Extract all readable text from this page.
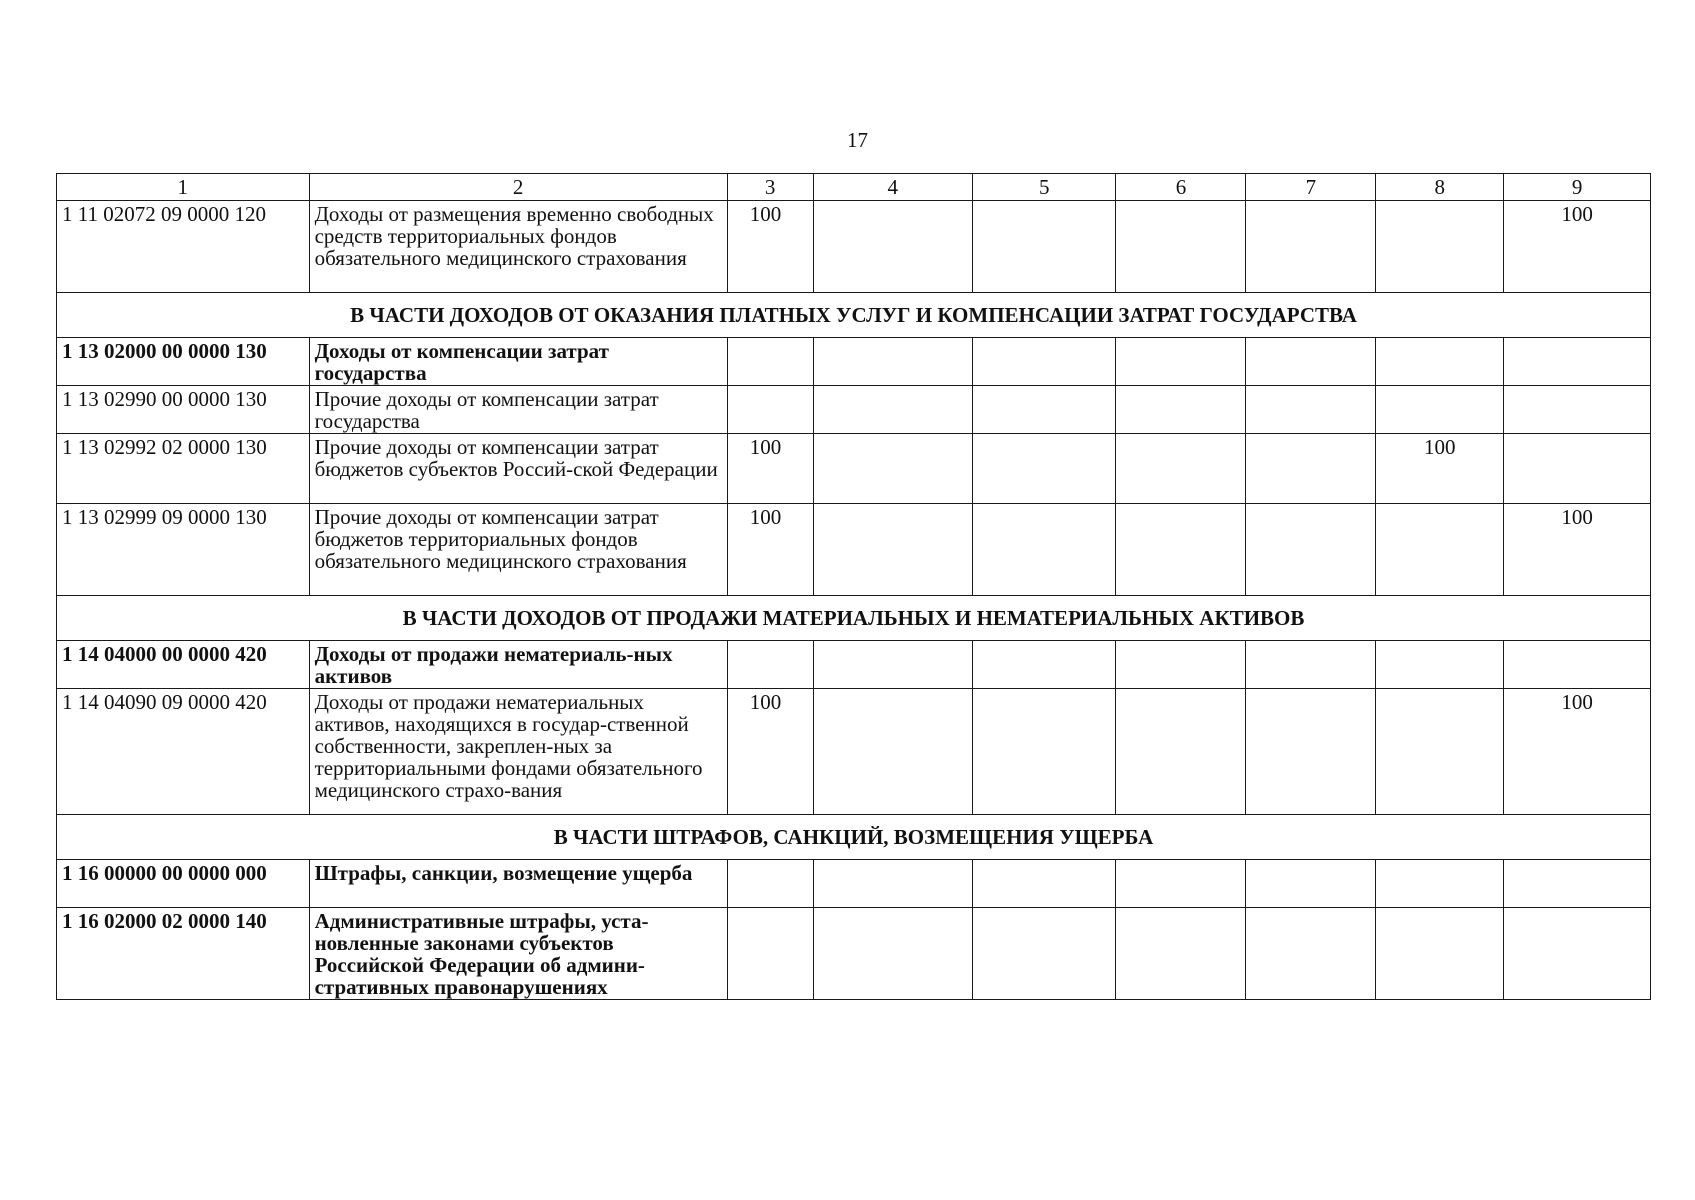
17
1	2	3	4	5	6	7	8	9
1 11 02072 09 0000 120	Доходы от размещения временно свободных средств территориальных фондов обязательного медицинского страхования	100						100
В ЧАСТИ ДОХОДОВ ОТ ОКАЗАНИЯ ПЛАТНЫХ УСЛУГ И КОМПЕНСАЦИИ ЗАТРАТ ГОСУДАРСТВА								
1 13 02000 00 0000 130	Доходы от компенсации затрат государства							
1 13 02990 00 0000 130	Прочие доходы от компенсации затрат государства							
1 13 02992 02 0000 130	Прочие доходы от компенсации затрат бюджетов субъектов Россий-ской Федерации	100					100	
1 13 02999 09 0000 130	Прочие доходы от компенсации затрат бюджетов территориальных фондов обязательного медицинского страхования	100						100
В ЧАСТИ ДОХОДОВ ОТ ПРОДАЖИ МАТЕРИАЛЬНЫХ И НЕМАТЕРИАЛЬНЫХ АКТИВОВ								
1 14 04000 00 0000 420	Доходы от продажи нематериаль-ных активов							
1 14 04090 09 0000 420	Доходы от продажи нематериальных активов, находящихся в государ-ственной собственности, закреплен-ных за территориальными фондами обязательного медицинского страхо-вания	100						100
В ЧАСТИ ШТРАФОВ, САНКЦИЙ, ВОЗМЕЩЕНИЯ УЩЕРБА								
1 16 00000 00 0000 000	Штрафы, санкции, возмещение ущерба							
1 16 02000 02 0000 140	Административные штрафы, уста-новленные законами субъектов Российской Федерации об админи-стративных правонарушениях							
